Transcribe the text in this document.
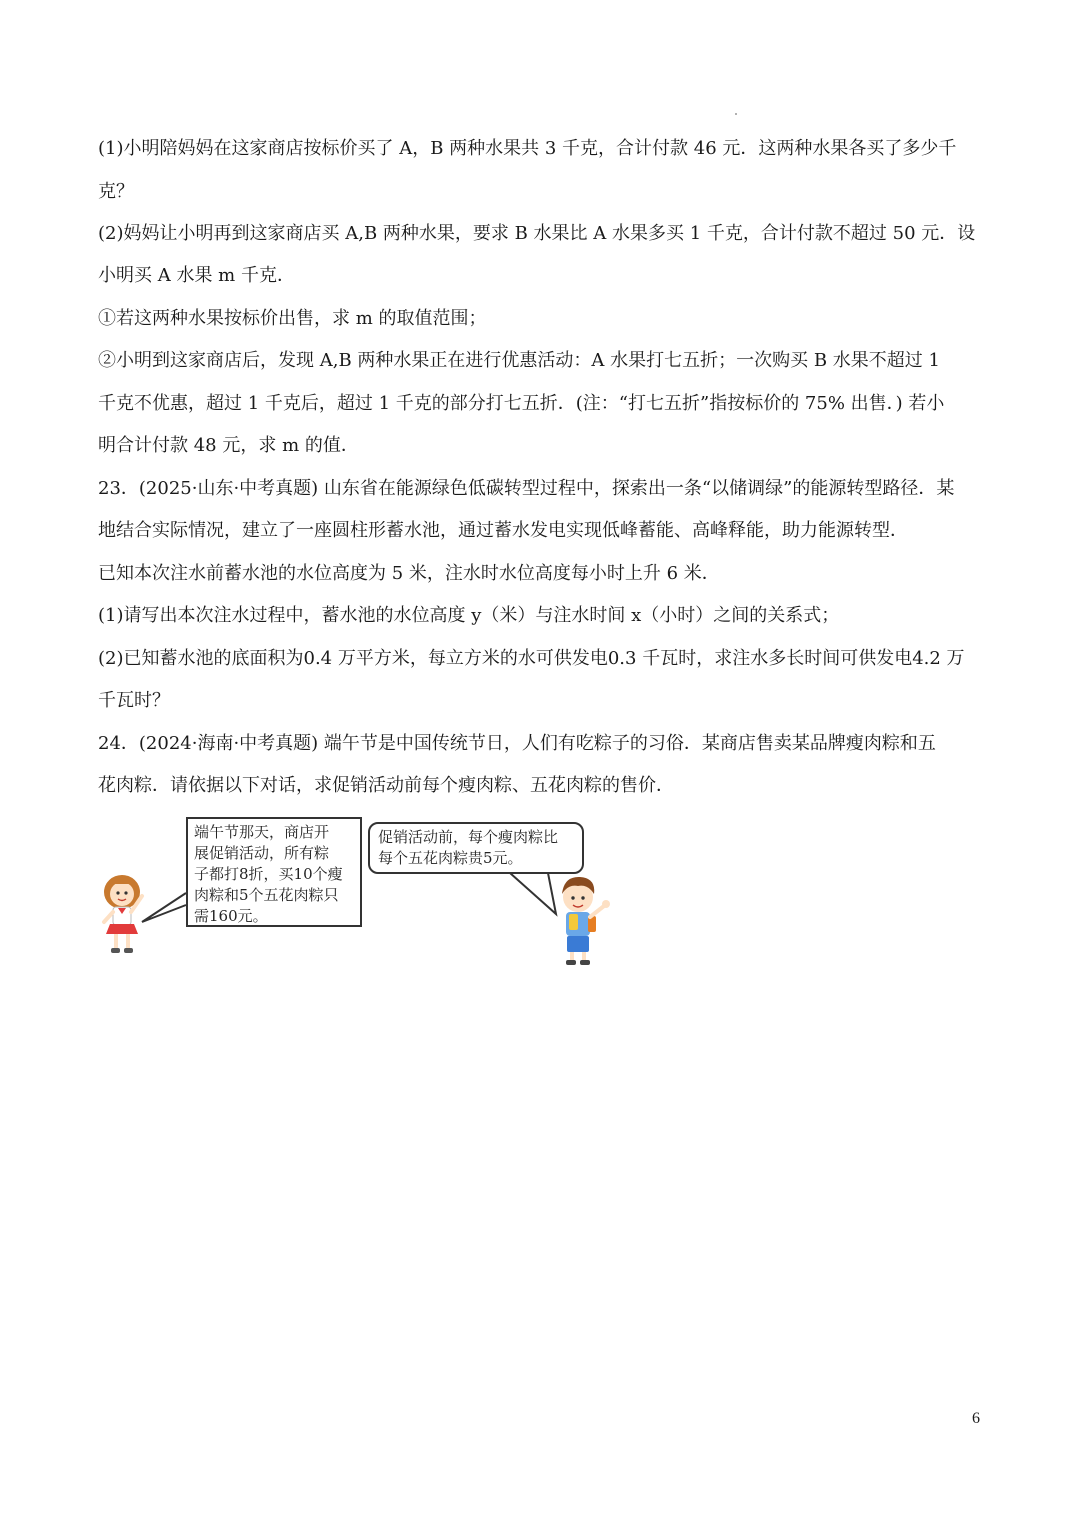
(1)小明陪妈妈在这家商店按标价买了 A，B 两种水果共 3 千克，合计付款 46 元．这两种水果各买了多少千
克？
(2)妈妈让小明再到这家商店买 A,B 两种水果，要求 B 水果比 A 水果多买 1 千克，合计付款不超过 50 元．设
小明买 A 水果 m 千克．
①若这两种水果按标价出售，求 m 的取值范围；
②小明到这家商店后，发现 A,B 两种水果正在进行优惠活动：A 水果打七五折；一次购买 B 水果不超过 1
千克不优惠，超过 1 千克后，超过 1 千克的部分打七五折．(注：“打七五折”指按标价的 75% 出售．) 若小
明合计付款 48 元，求 m 的值．
23．(2025·山东·中考真题) 山东省在能源绿色低碳转型过程中，探索出一条“以储调绿”的能源转型路径．某
地结合实际情况，建立了一座圆柱形蓄水池，通过蓄水发电实现低峰蓄能、高峰释能，助力能源转型．
已知本次注水前蓄水池的水位高度为 5 米，注水时水位高度每小时上升 6 米．
(1)请写出本次注水过程中，蓄水池的水位高度 y（米）与注水时间 x（小时）之间的关系式；
(2)已知蓄水池的底面积为0.4 万平方米，每立方米的水可供发电0.3 千瓦时，求注水多长时间可供发电4.2 万
千瓦时？
24．(2024·海南·中考真题) 端午节是中国传统节日，人们有吃粽子的习俗．某商店售卖某品牌瘦肉粽和五
花肉粽．请依据以下对话，求促销活动前每个瘦肉粽、五花肉粽的售价．
端午节那天，商店开
展促销活动，所有粽
子都打8折，买10个瘦
肉粽和5个五花肉粽只
需160元。
促销活动前，每个瘦肉粽比
每个五花肉粽贵5元。
6
